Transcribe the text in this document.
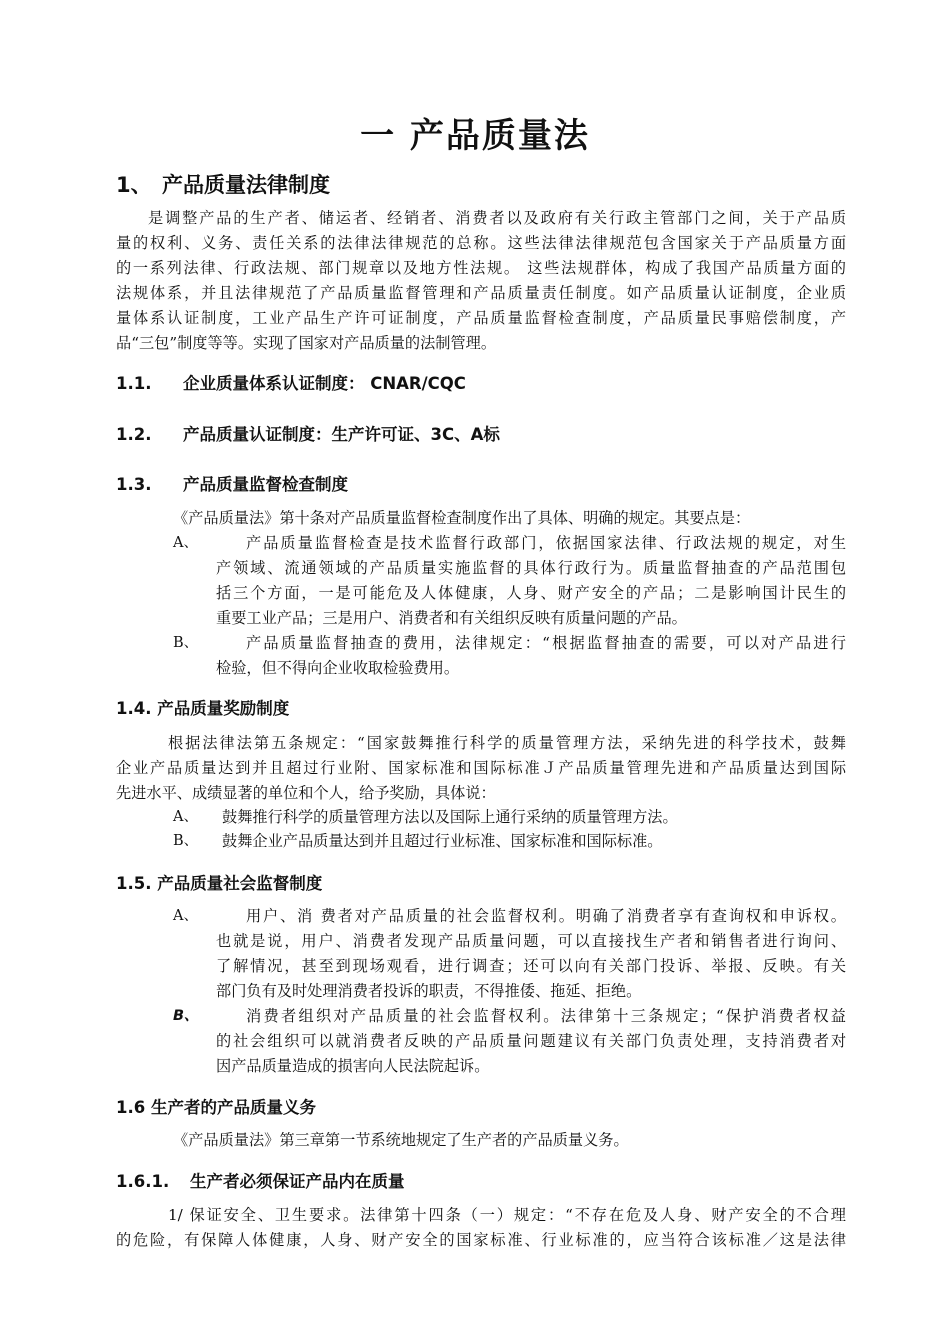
一 产品质量法
1、 产品质量法律制度
是调整产品的生产者、储运者、经销者、消费者以及政府有关行政主管部门之间，关于产品质
量的权利、义务、责任关系的法律法律规范的总称。这些法律法律规范包含国家关于产品质量方面
的一系列法律、行政法规、部门规章以及地方性法规。 这些法规群体，构成了我国产品质量方面的
法规体系，并且法律规范了产品质量监督管理和产品质量责任制度。如产品质量认证制度，企业质
量体系认证制度，工业产品生产许可证制度，产品质量监督检查制度，产品质量民事赔偿制度，产
品“三包”制度等等。实现了国家对产品质量的法制管理。
1.1. 企业质量体系认证制度： CNAR/CQC
1.2. 产品质量认证制度：生产许可证、3C、A标
1.3. 产品质量监督检查制度
《产品质量法》第十条对产品质量监督检查制度作出了具体、明确的规定。其要点是：
A、	产品质量监督检查是技术监督行政部门，依据国家法律、行政法规的规定，对生
产领域、流通领域的产品质量实施监督的具体行政行为。质量监督抽查的产品范围包
括三个方面，一是可能危及人体健康，人身、财产安全的产品；二是影响国计民生的
重要工业产品；三是用户、消费者和有关组织反映有质量问题的产品。
B、	产品质量监督抽查的费用，法律规定：“根据监督抽查的需要，可以对产品进行
检验，但不得向企业收取检验费用。
1.4. 产品质量奖励制度
根据法律法第五条规定：“国家鼓舞推行科学的质量管理方法，采纳先进的科学技术，鼓舞
企业产品质量达到并且超过行业附、国家标准和国际标准Ｊ产品质量管理先进和产品质量达到国际
先进水平、成绩显著的单位和个人，给予奖励，具体说：
A、 鼓舞推行科学的质量管理方法以及国际上通行采纳的质量管理方法。
B、 鼓舞企业产品质量达到并且超过行业标准、国家标准和国际标准。
1.5. 产品质量社会监督制度
A、	用户、消 费者对产品质量的社会监督权利。明确了消费者享有查询权和申诉权。
也就是说，用户、消费者发现产品质量问题，可以直接找生产者和销售者进行询问、
了解情况，甚至到现场观看，进行调查；还可以向有关部门投诉、举报、反映。有关
部门负有及时处理消费者投诉的职责，不得推倭、拖延、拒绝。
B、	消费者组织对产品质量的社会监督权利。法律第十三条规定；“保护消费者权益
的社会组织可以就消费者反映的产品质量问题建议有关部门负责处理，支持消费者对
因产品质量造成的损害向人民法院起诉。
1.6 生产者的产品质量义务
《产品质量法》第三章第一节系统地规定了生产者的产品质量义务。
1.6.1. 生产者必须保证产品内在质量
1/ 保证安全、卫生要求。法律第十四条（一）规定：“不存在危及人身、财产安全的不合理
的危险，有保障人体健康，人身、财产安全的国家标准、行业标准的，应当符合该标准／这是法律
